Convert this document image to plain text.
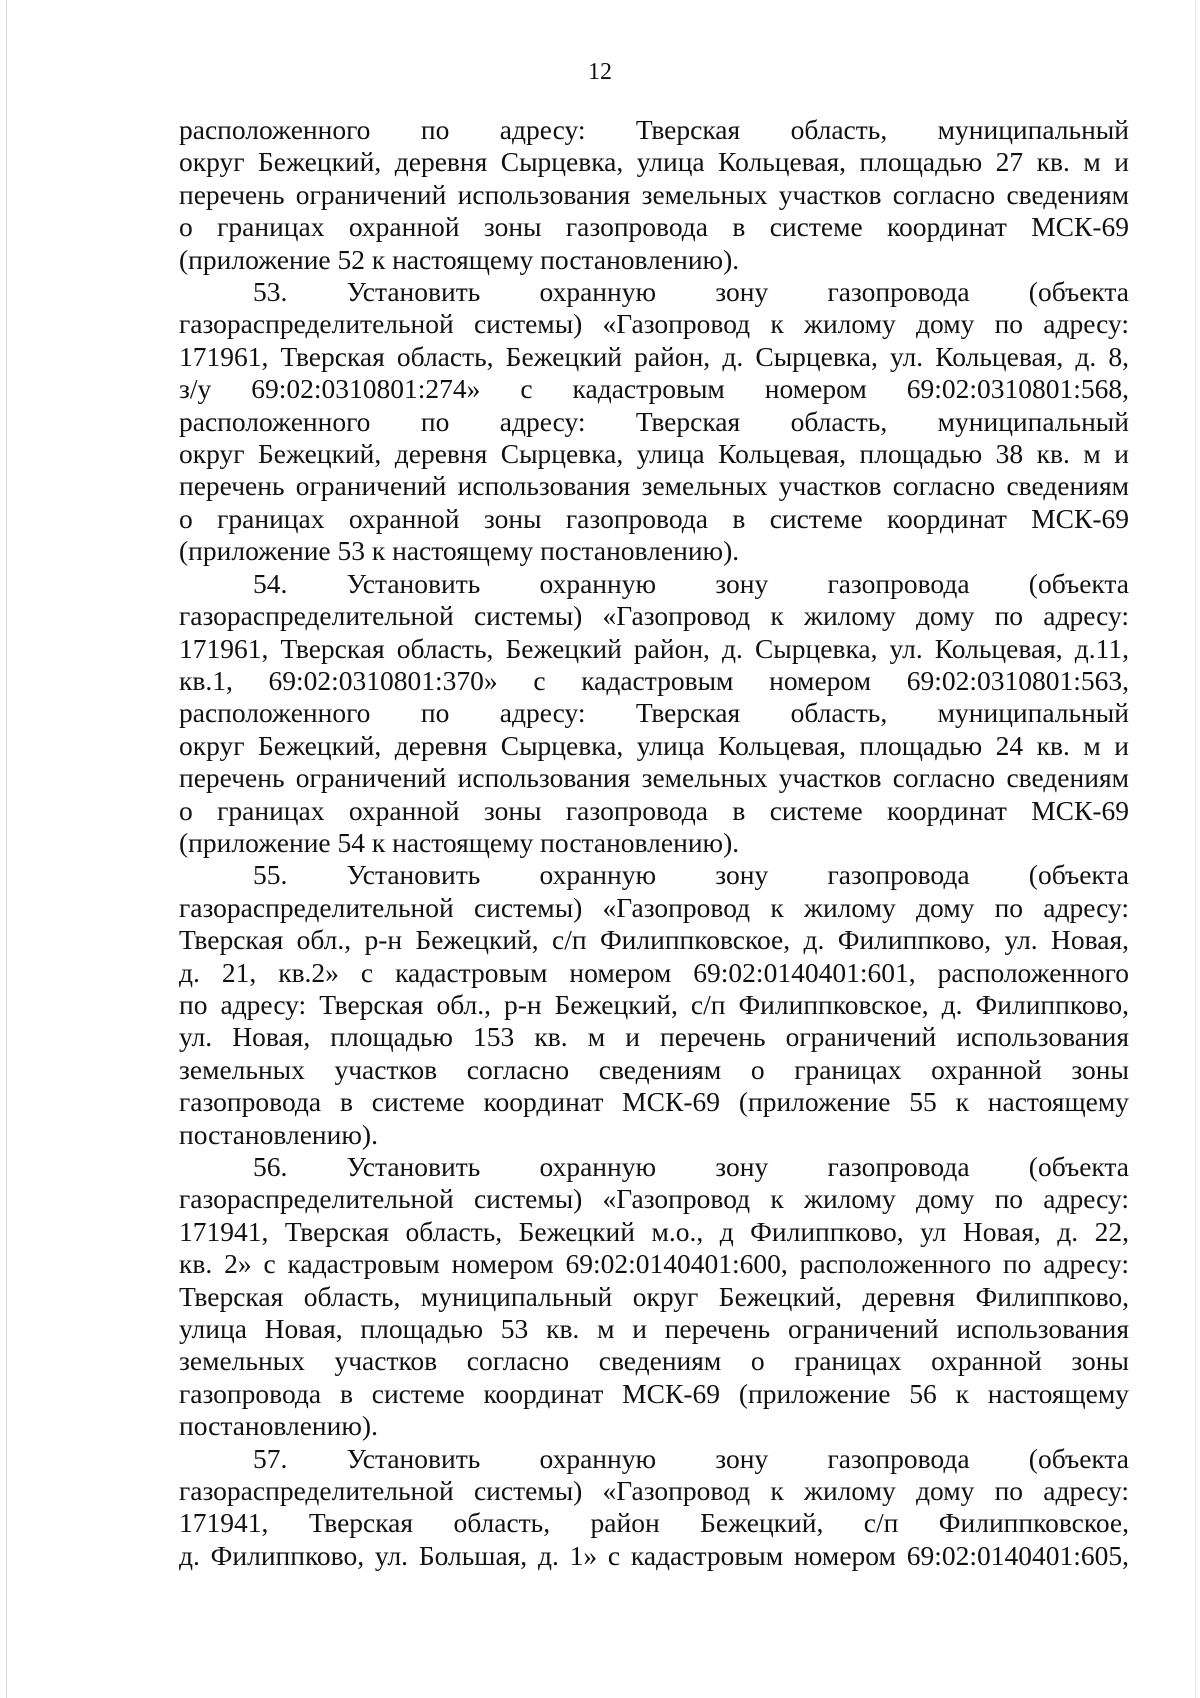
12
расположенного по адресу: Тверская область, муниципальный
округ Бежецкий, деревня Сырцевка, улица Кольцевая, площадью 27 кв. м и
перечень ограничений использования земельных участков согласно сведениям
о границах охранной зоны газопровода в системе координат МСК-69
(приложение 52 к настоящему постановлению).
53. Установить охранную зону газопровода (объекта
газораспределительной системы) «Газопровод к жилому дому по адресу:
171961, Тверская область, Бежецкий район, д. Сырцевка, ул. Кольцевая, д. 8,
з/у 69:02:0310801:274» с кадастровым номером 69:02:0310801:568,
расположенного по адресу: Тверская область, муниципальный
округ Бежецкий, деревня Сырцевка, улица Кольцевая, площадью 38 кв. м и
перечень ограничений использования земельных участков согласно сведениям
о границах охранной зоны газопровода в системе координат МСК-69
(приложение 53 к настоящему постановлению).
54. Установить охранную зону газопровода (объекта
газораспределительной системы) «Газопровод к жилому дому по адресу:
171961, Тверская область, Бежецкий район, д. Сырцевка, ул. Кольцевая, д.11,
кв.1, 69:02:0310801:370» с кадастровым номером 69:02:0310801:563,
расположенного по адресу: Тверская область, муниципальный
округ Бежецкий, деревня Сырцевка, улица Кольцевая, площадью 24 кв. м и
перечень ограничений использования земельных участков согласно сведениям
о границах охранной зоны газопровода в системе координат МСК-69
(приложение 54 к настоящему постановлению).
55. Установить охранную зону газопровода (объекта
газораспределительной системы) «Газопровод к жилому дому по адресу:
Тверская обл., р-н Бежецкий, с/п Филиппковское, д. Филиппково, ул. Новая,
д. 21, кв.2» с кадастровым номером 69:02:0140401:601, расположенного
по адресу: Тверская обл., р-н Бежецкий, с/п Филиппковское, д. Филиппково,
ул. Новая, площадью 153 кв. м и перечень ограничений использования
земельных участков согласно сведениям о границах охранной зоны
газопровода в системе координат МСК-69 (приложение 55 к настоящему
постановлению).
56. Установить охранную зону газопровода (объекта
газораспределительной системы) «Газопровод к жилому дому по адресу:
171941, Тверская область, Бежецкий м.о., д Филиппково, ул Новая, д. 22,
кв. 2» с кадастровым номером 69:02:0140401:600, расположенного по адресу:
Тверская область, муниципальный округ Бежецкий, деревня Филиппково,
улица Новая, площадью 53 кв. м и перечень ограничений использования
земельных участков согласно сведениям о границах охранной зоны
газопровода в системе координат МСК-69 (приложение 56 к настоящему
постановлению).
57. Установить охранную зону газопровода (объекта
газораспределительной системы) «Газопровод к жилому дому по адресу:
171941, Тверская область, район Бежецкий, с/п Филиппковское,
д. Филиппково, ул. Большая, д. 1» с кадастровым номером 69:02:0140401:605,
